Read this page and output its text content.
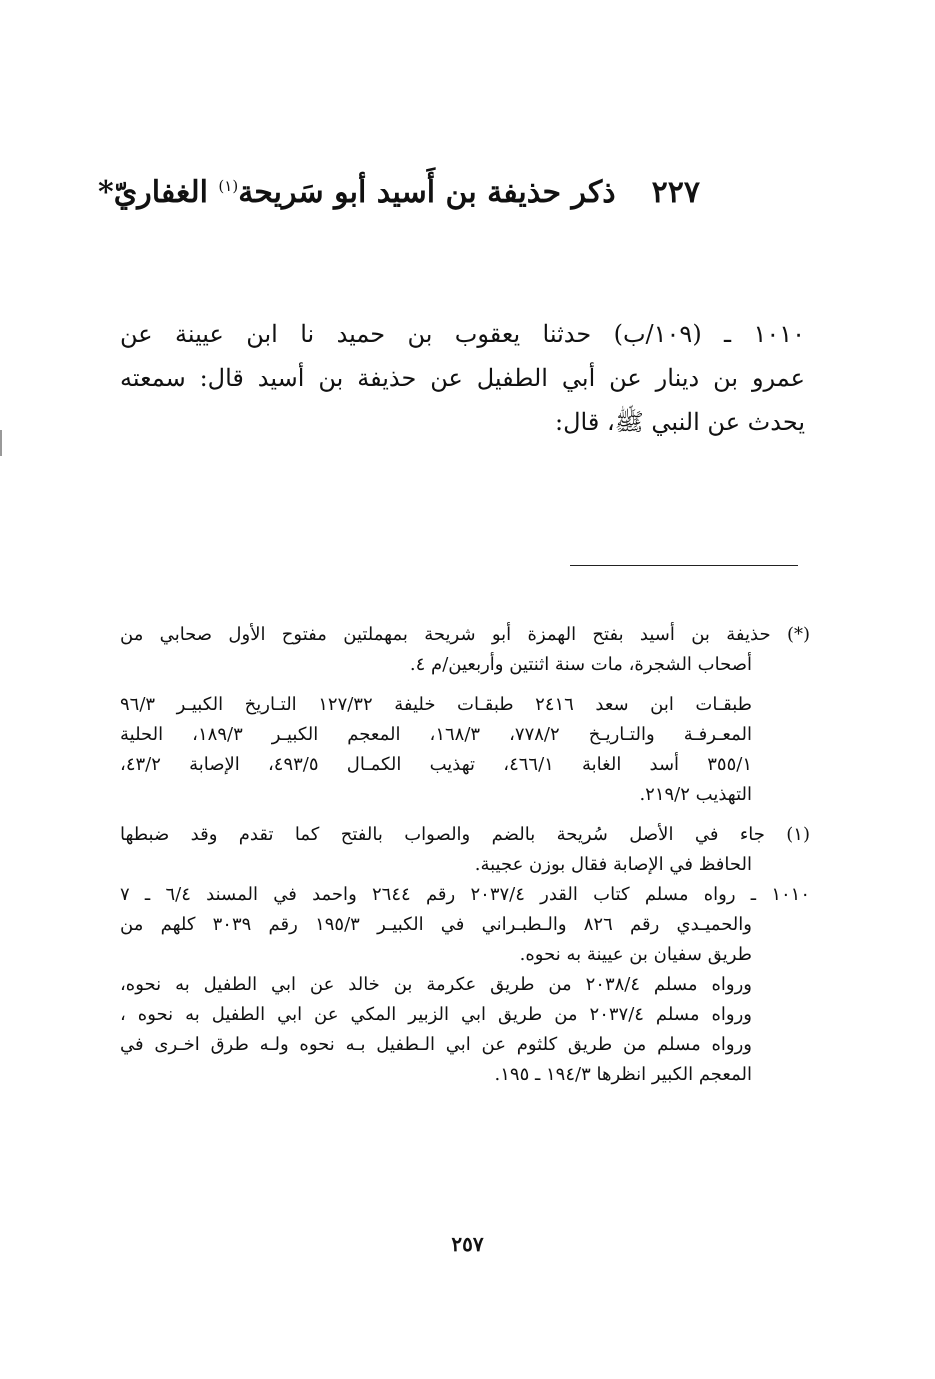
٢٢٧ذكر حذيفة بن أَسيد أبو سَريحة$^{(١)}$ الغفاريّ*
١٠١٠ ـ (١٠٩/ب) حدثنا يعقوب بن حميد نا ابن عيينة عن
عمرو بن دينار عن أبي الطفيل عن حذيفة بن أسيد قال: سمعته
يحدث عن النبي ﷺ، قال:
(*) حذيفة بن أسيد بفتح الهمزة أبو شريحة بمهملتين مفتوح الأول صحابي من
أصحاب الشجرة، مات سنة اثنتين وأربعين/م ٤.
طبقـات ابن سعد ٢٤١٦ طبقـات خليفة ١٢٧/٣٢ التـاريخ الكبيـر ٩٦/٣
المعـرفـة والتـاريـخ ٧٧٨/٢، ١٦٨/٣، المعجم الكبيـر ١٨٩/٣، الحلية
٣٥٥/١ أسد الغابة ٤٦٦/١، تهذيب الكمـال ٤٩٣/٥، الإصابة ٤٣/٢،
التهذيب ٢١٩/٢.
(١) جاء في الأصل سُريحة بالضم والصواب بالفتح كما تقدم وقد ضبطها
الحافظ في الإصابة فقال بوزن عجيبة.
١٠١٠ ـ رواه مسلم كتاب القدر ٢٠٣٧/٤ رقم ٢٦٤٤ واحمد في المسند ٦/٤ ـ ٧
والحميـدي رقم ٨٢٦ والـطبـراني في الكبيـر ١٩٥/٣ رقم ٣٠٣٩ كلهم من
طريق سفيان بن عيينة به نحوه.
ورواه مسلم ٢٠٣٨/٤ من طريق عكرمة بن خالد عن ابي الطفيل به نحوه،
ورواه مسلم ٢٠٣٧/٤ من طريق ابي الزبير المكي عن ابي الطفيل به نحوه ،
ورواه مسلم من طريق كلثوم عن ابي الـطفيل بـه نحوه ولـه طرق اخـرى في
المعجم الكبير انظرها ١٩٤/٣ ـ ١٩٥.
٢٥٧
